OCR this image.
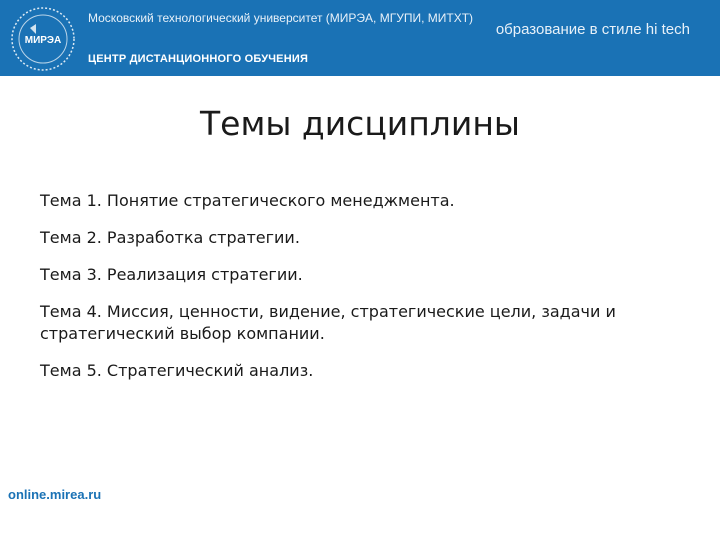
МИРЭА
Московский технологический университет (МИРЭА, МГУПИ, МИТХТ)
образование в стиле hi tech
ЦЕНТР ДИСТАНЦИОННОГО ОБУЧЕНИЯ
Темы дисциплины
Тема 1. Понятие стратегического менеджмента.
Тема 2. Разработка стратегии.
Тема 3. Реализация стратегии.
Тема 4. Миссия, ценности, видение, стратегические цели, задачи и стратегический выбор компании.
Тема 5. Стратегический анализ.
online.mirea.ru
